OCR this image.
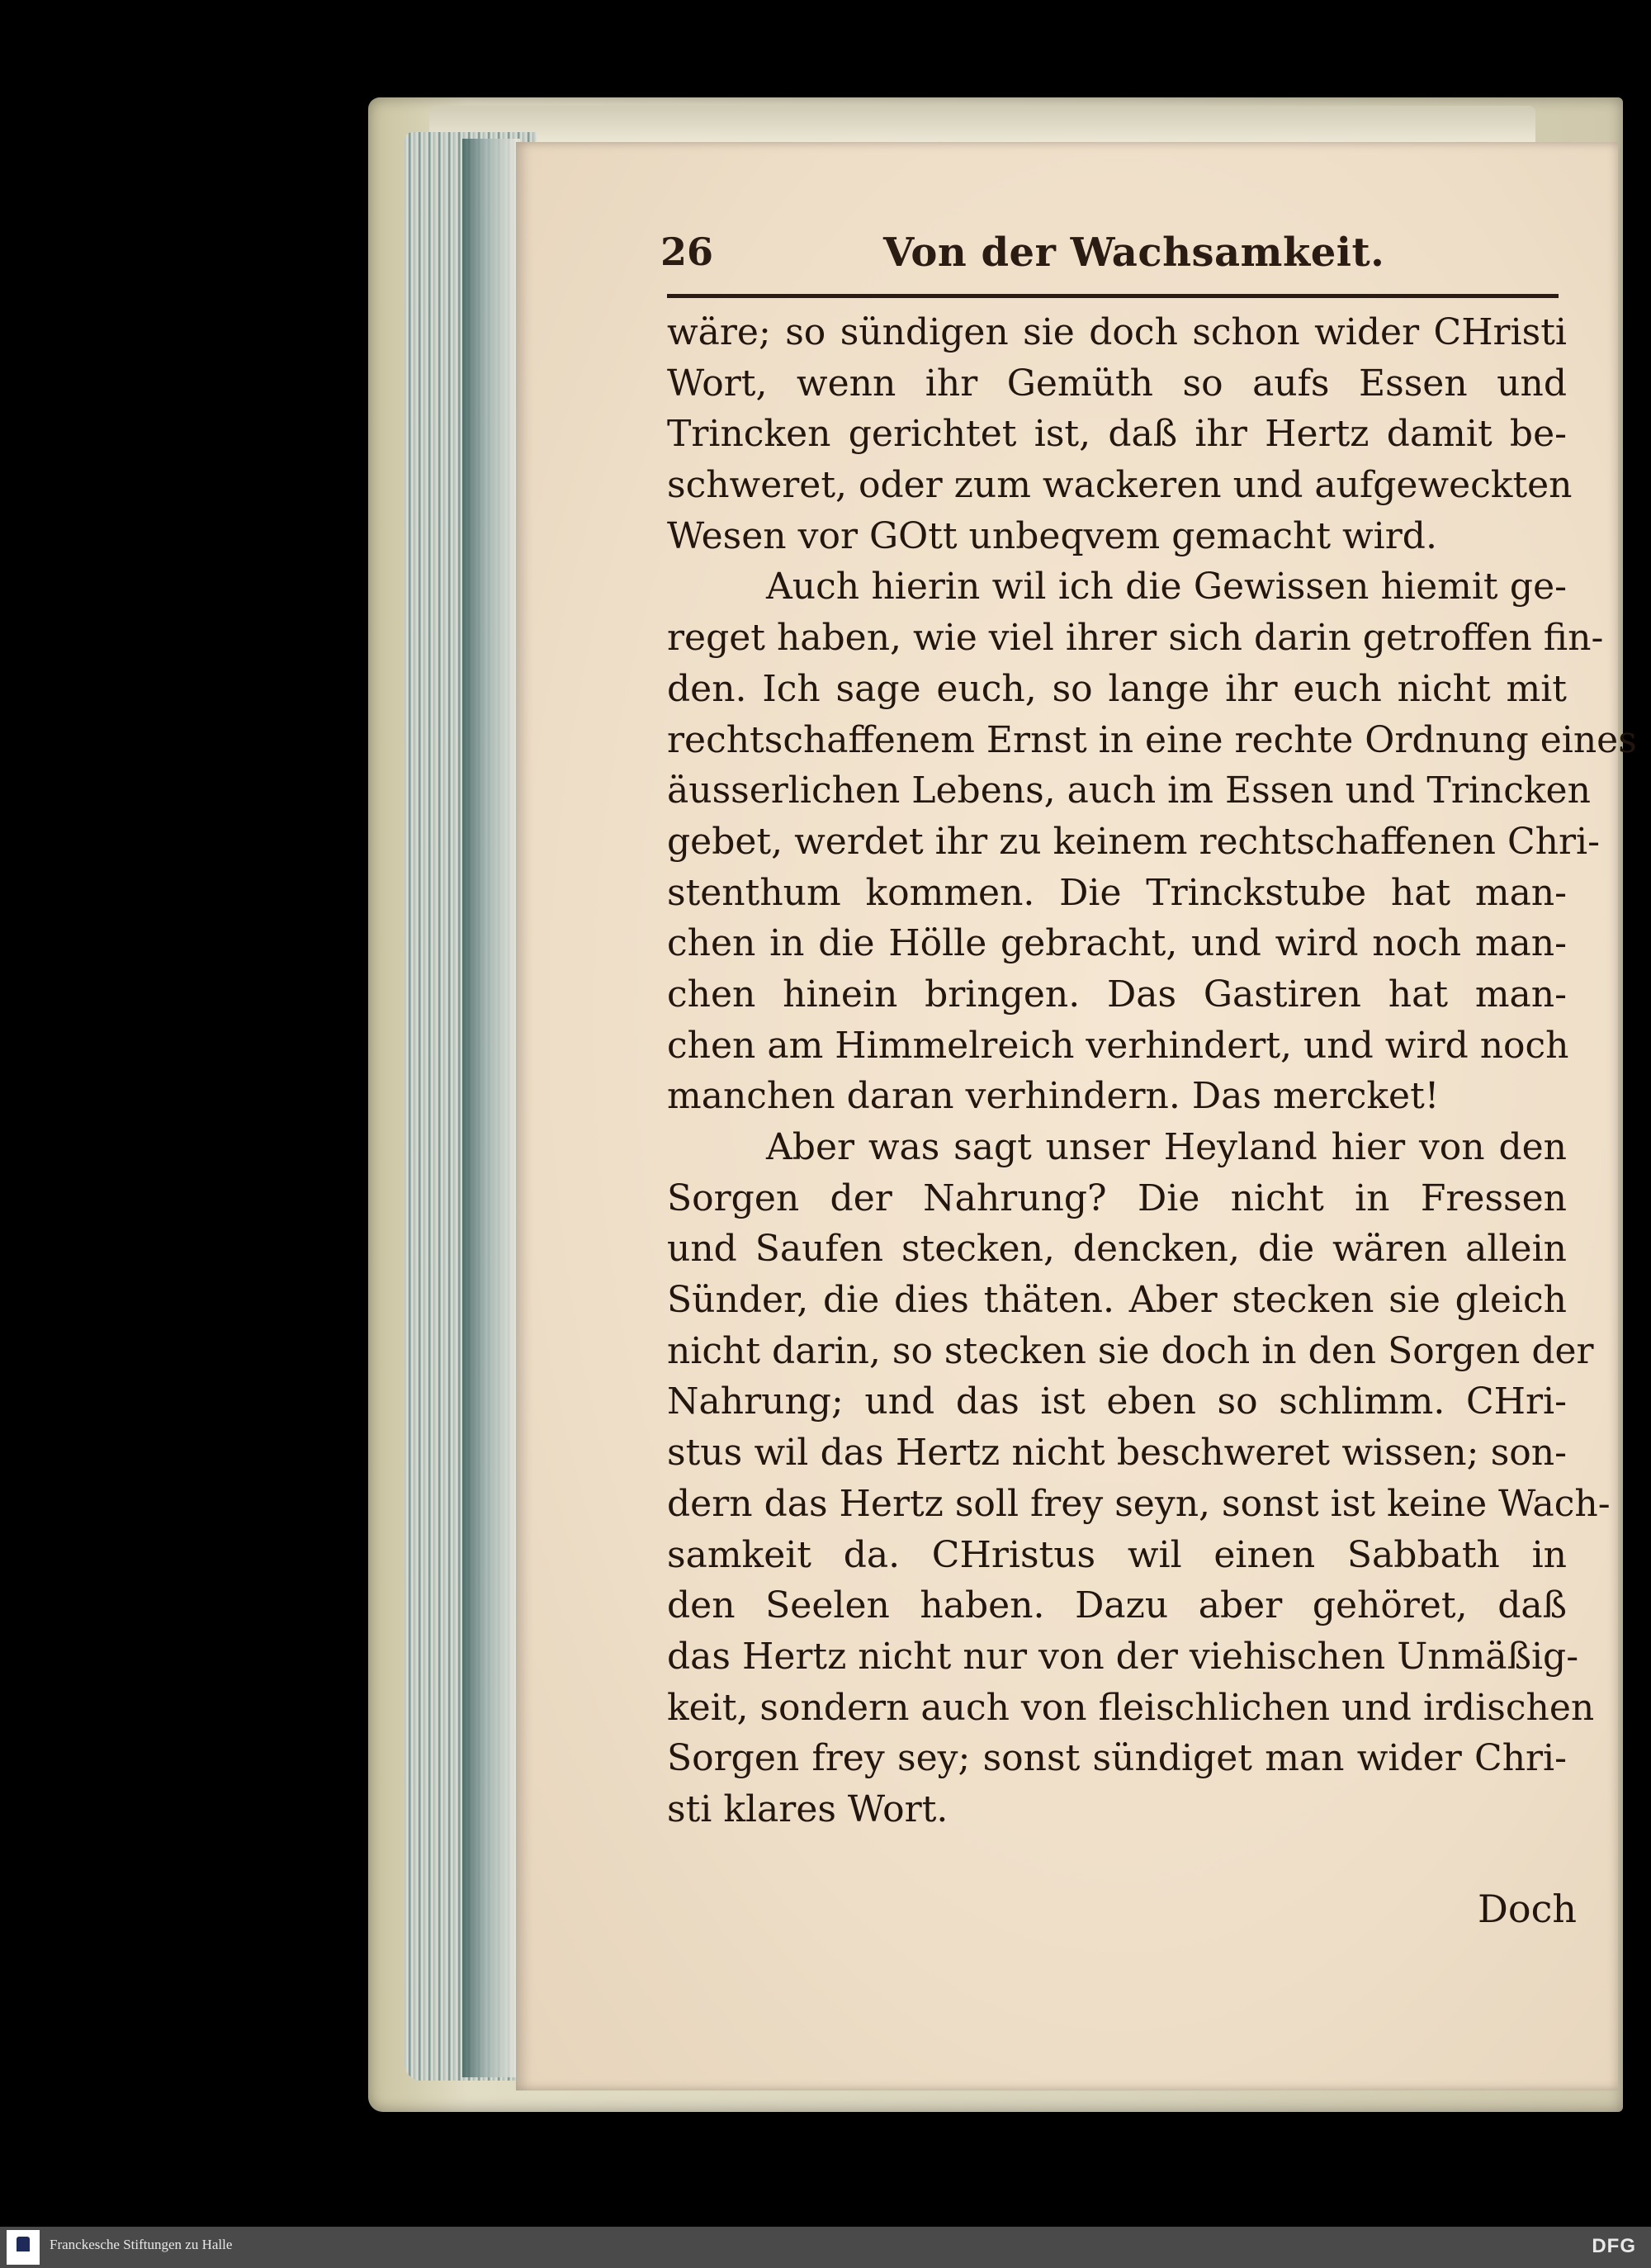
26	Von der Wachsamkeit.
wäre; so sündigen sie doch schon wider CHristi
Wort, wenn ihr Gemüth so aufs Essen und
Trincken gerichtet ist, daß ihr Hertz damit be-
schweret, oder zum wackeren und aufgeweckten
Wesen vor GOtt unbeqvem gemacht wird.
Auch hierin wil ich die Gewissen hiemit ge-
reget haben, wie viel ihrer sich darin getroffen fin-
den. Ich sage euch, so lange ihr euch nicht mit
rechtschaffenem Ernst in eine rechte Ordnung eines
äusserlichen Lebens, auch im Essen und Trincken
gebet, werdet ihr zu keinem rechtschaffenen Chri-
stenthum kommen. Die Trinckstube hat man-
chen in die Hölle gebracht, und wird noch man-
chen hinein bringen. Das Gastiren hat man-
chen am Himmelreich verhindert, und wird noch
manchen daran verhindern. Das mercket!
Aber was sagt unser Heyland hier von den
Sorgen der Nahrung? Die nicht in Fressen
und Saufen stecken, dencken, die wären allein
Sünder, die dies thäten. Aber stecken sie gleich
nicht darin, so stecken sie doch in den Sorgen der
Nahrung; und das ist eben so schlimm. CHri-
stus wil das Hertz nicht beschweret wissen; son-
dern das Hertz soll frey seyn, sonst ist keine Wach-
samkeit da. CHristus wil einen Sabbath in
den Seelen haben. Dazu aber gehöret, daß
das Hertz nicht nur von der viehischen Unmäßig-
keit, sondern auch von fleischlichen und irdischen
Sorgen frey sey; sonst sündiget man wider Chri-
sti klares Wort.
Doch
Franckesche Stiftungen zu Halle	DFG
